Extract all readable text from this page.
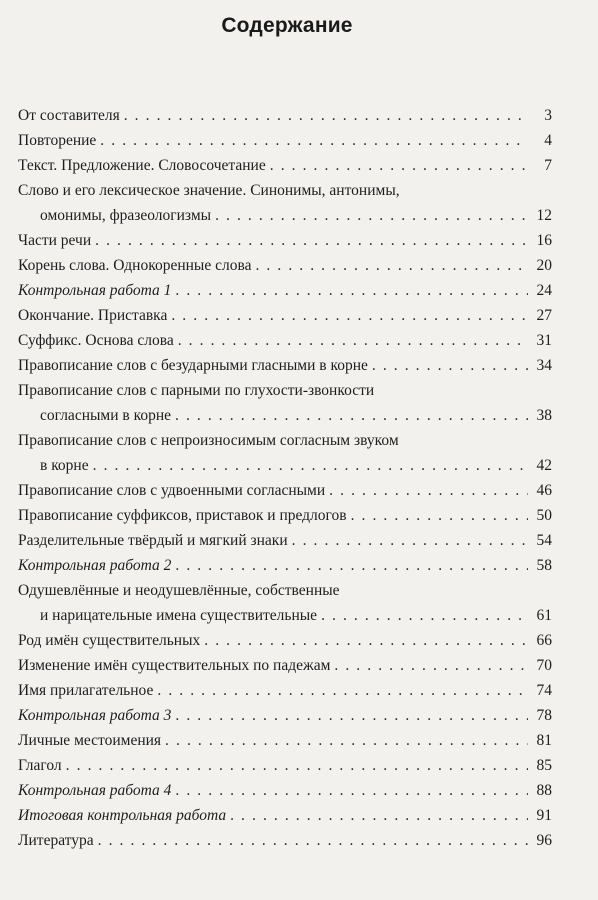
Содержание
От составителя . . .	3
Повторение . . .	4
Текст. Предложение. Словосочетание . . .	7
Слово и его лексическое значение. Синонимы, антонимы,
омонимы, фразеологизмы . . .	12
Части речи . . .	16
Корень слова. Однокоренные слова . . .	20
Контрольная работа 1 . . .	24
Окончание. Приставка . . .	27
Суффикс. Основа слова . . .	31
Правописание слов с безударными гласными в корне . . .	34
Правописание слов с парными по глухости-звонкости
согласными в корне . . .	38
Правописание слов с непроизносимым согласным звуком
в корне . . .	42
Правописание слов с удвоенными согласными . . .	46
Правописание суффиксов, приставок и предлогов . . .	50
Разделительные твёрдый и мягкий знаки . . .	54
Контрольная работа 2 . . .	58
Одушевлённые и неодушевлённые, собственные
и нарицательные имена существительные . . .	61
Род имён существительных . . .	66
Изменение имён существительных по падежам . . .	70
Имя прилагательное . . .	74
Контрольная работа 3 . . .	78
Личные местоимения . . .	81
Глагол . . .	85
Контрольная работа 4 . . .	88
Итоговая контрольная работа . . .	91
Литература . . .	96
